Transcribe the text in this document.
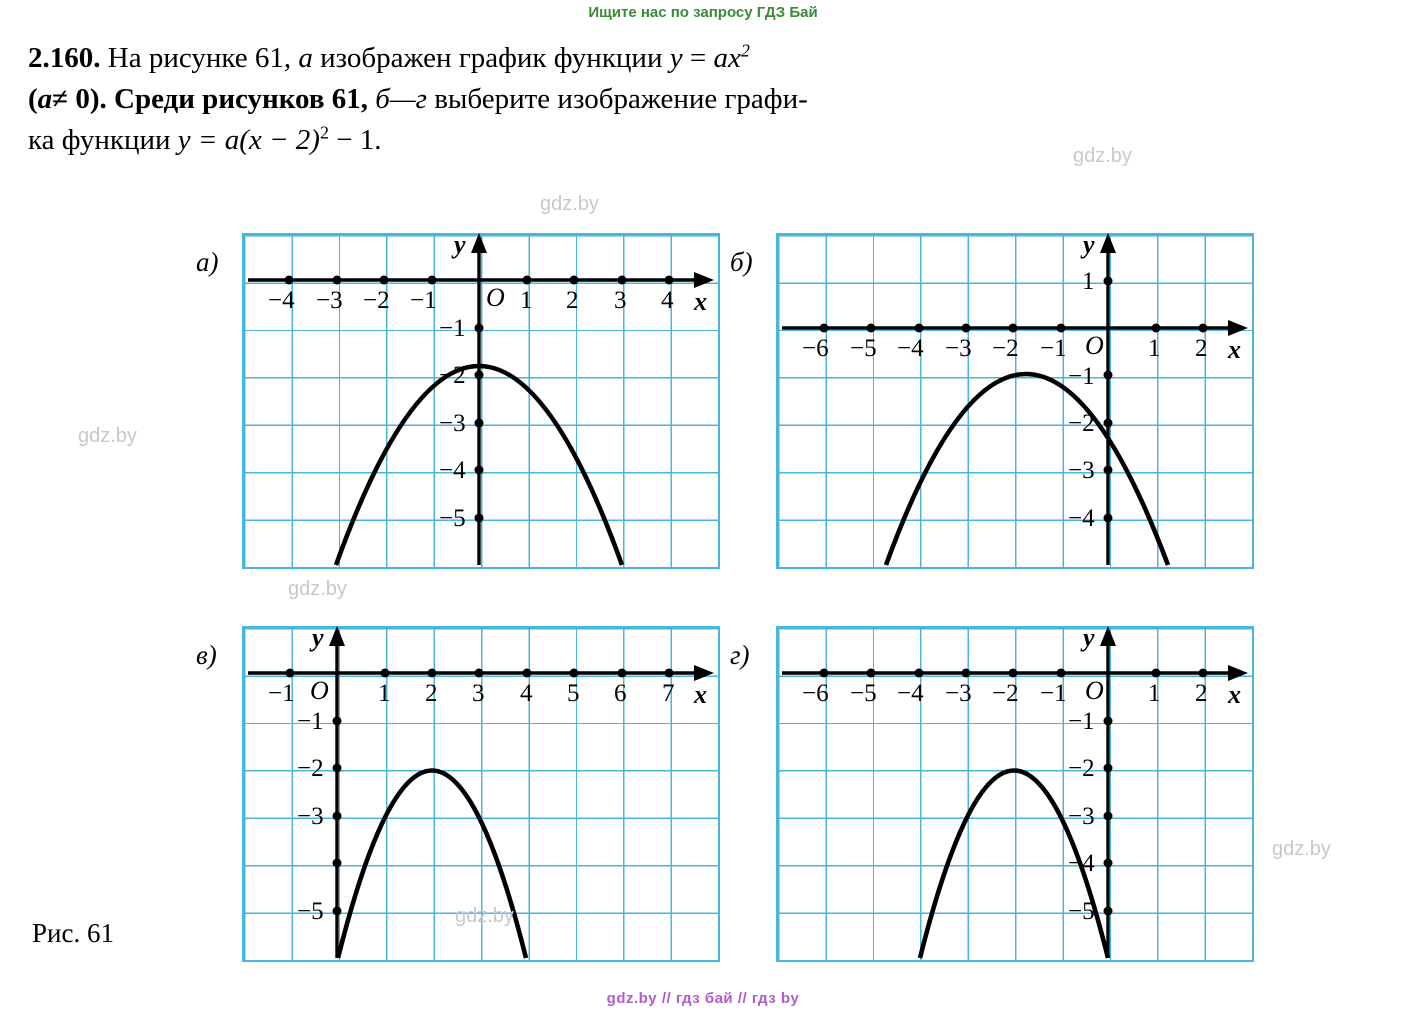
Ищите нас по запросу ГДЗ Бай
2.160. На рисунке 61, а изображен график функции $y = ax^2$
(a≠ 0). Среди рисунков 61, б—г выберите изображение графи-
ка функции $y = a(x - 2)^2 - 1$.
а)
−4 −3 −2 −1	1 2 3 4
−1
−2
−3
−4
−5
O
y
x
б)
−6 −5 −4 −3 −2 −1	1 2
1
−1
−2
−3
−4
O
y
x
в)
−1	1 2 3 4 5 6 7
−1
−2
−3
−5
O
y
x
г)
−6 −5 −4 −3 −2 −1	1 2
−1
−2
−3
−4
−5
O
y
x
Рис. 61
gdz.by
gdz.by
gdz.by
gdz.by
gdz.by
gdz.by
gdz.by // гдз бай // гдз by
